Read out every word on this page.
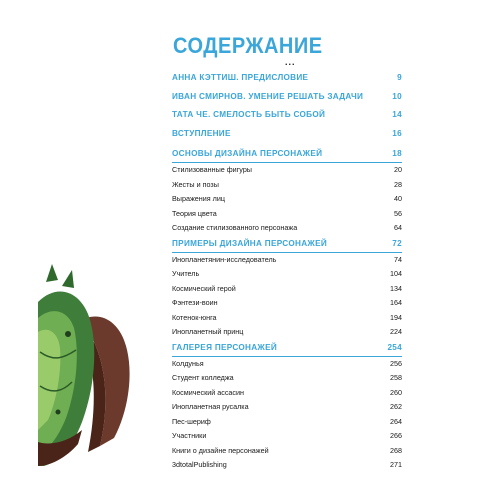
СОДЕРЖАНИЕ
...
АННА КЭТТИШ. ПРЕДИСЛОВИЕ	9
ИВАН СМИРНОВ. УМЕНИЕ РЕШАТЬ ЗАДАЧИ	10
ТАТА ЧЕ. СМЕЛОСТЬ БЫТЬ СОБОЙ	14
ВСТУПЛЕНИЕ	16
ОСНОВЫ ДИЗАЙНА ПЕРСОНАЖЕЙ	18
Стилизованные фигуры	20
Жесты и позы	28
Выражения лиц	40
Теория цвета	56
Создание стилизованного персонажа	64
ПРИМЕРЫ ДИЗАЙНА ПЕРСОНАЖЕЙ	72
Инопланетянин-исследователь	74
Учитель	104
Космический герой	134
Фэнтези-воин	164
Котенок-юнга	194
Инопланетный принц	224
ГАЛЕРЕЯ ПЕРСОНАЖЕЙ	254
Колдунья	256
Студент колледжа	258
Космический ассасин	260
Инопланетная русалка	262
Пес-шериф	264
Участники	266
Книги о дизайне персонажей	268
3dtotalPublishing	271
